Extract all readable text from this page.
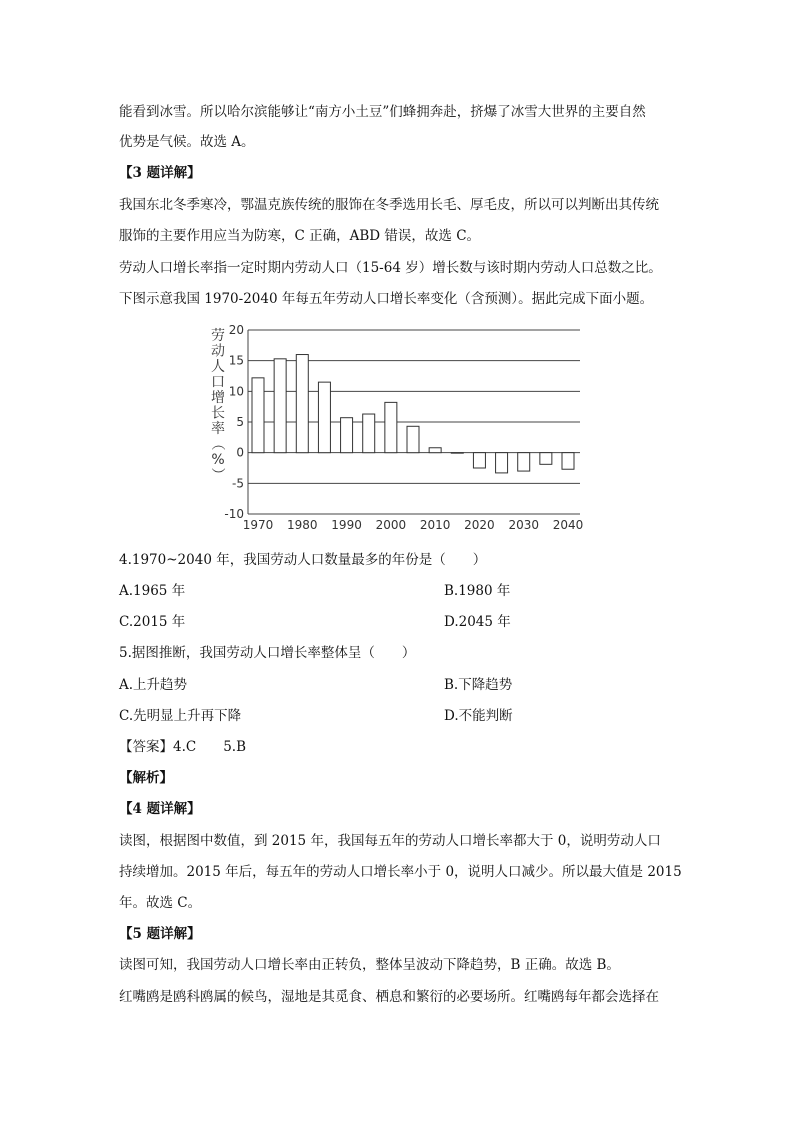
能看到冰雪。所以哈尔滨能够让“南方小土豆”们蜂拥奔赴，挤爆了冰雪大世界的主要自然
优势是气候。故选 A。
【3 题详解】
我国东北冬季寒冷，鄂温克族传统的服饰在冬季选用长毛、厚毛皮，所以可以判断出其传统
服饰的主要作用应当为防寒，C 正确，ABD 错误，故选 C。
劳动人口增长率指一定时期内劳动人口（15-64 岁）增长数与该时期内劳动人口总数之比。
下图示意我国 1970-2040 年每五年劳动人口增长率变化（含预测）。据此完成下面小题。
20
15
10
5
0
-5
-10
1970 1980 1990 2000 2010 2020 2030 2040
劳
动
人
口
增
长
率
（
%
）
4.1970~2040 年，我国劳动人口数量最多的年份是（　　）
A.1965 年	B.1980 年
C.2015 年	D.2045 年
5.据图推断，我国劳动人口增长率整体呈（　　）
A.上升趋势	B.下降趋势
C.先明显上升再下降	D.不能判断
【答案】4.C　　5.B
【解析】
【4 题详解】
读图，根据图中数值，到 2015 年，我国每五年的劳动人口增长率都大于 0，说明劳动人口
持续增加。2015 年后，每五年的劳动人口增长率小于 0，说明人口减少。所以最大值是 2015
年。故选 C。
【5 题详解】
读图可知，我国劳动人口增长率由正转负，整体呈波动下降趋势，B 正确。故选 B。
红嘴鸥是鸥科鸥属的候鸟，湿地是其觅食、栖息和繁衍的必要场所。红嘴鸥每年都会选择在
